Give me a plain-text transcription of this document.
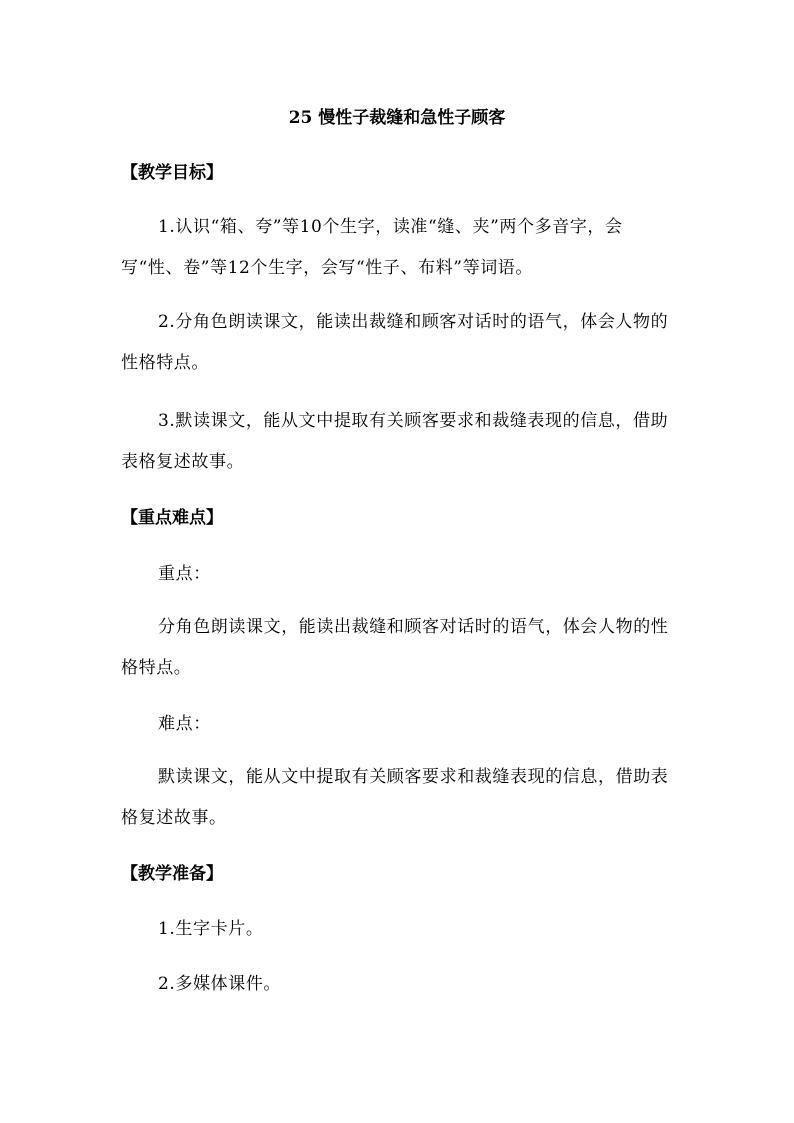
25 慢性子裁缝和急性子顾客
【教学目标】

1.认识“箱、夸”等10个生字，读准“缝、夹”两个多音字，会写“性、卷”等12个生字，会写“性子、布料”等词语。

2.分角色朗读课文，能读出裁缝和顾客对话时的语气，体会人物的性格特点。

3.默读课文，能从文中提取有关顾客要求和裁缝表现的信息，借助表格复述故事。

【重点难点】
重点：

分角色朗读课文，能读出裁缝和顾客对话时的语气，体会人物的性格特点。

难点：

默读课文，能从文中提取有关顾客要求和裁缝表现的信息，借助表格复述故事。

【教学准备】
1.生字卡片。
2.多媒体课件。
